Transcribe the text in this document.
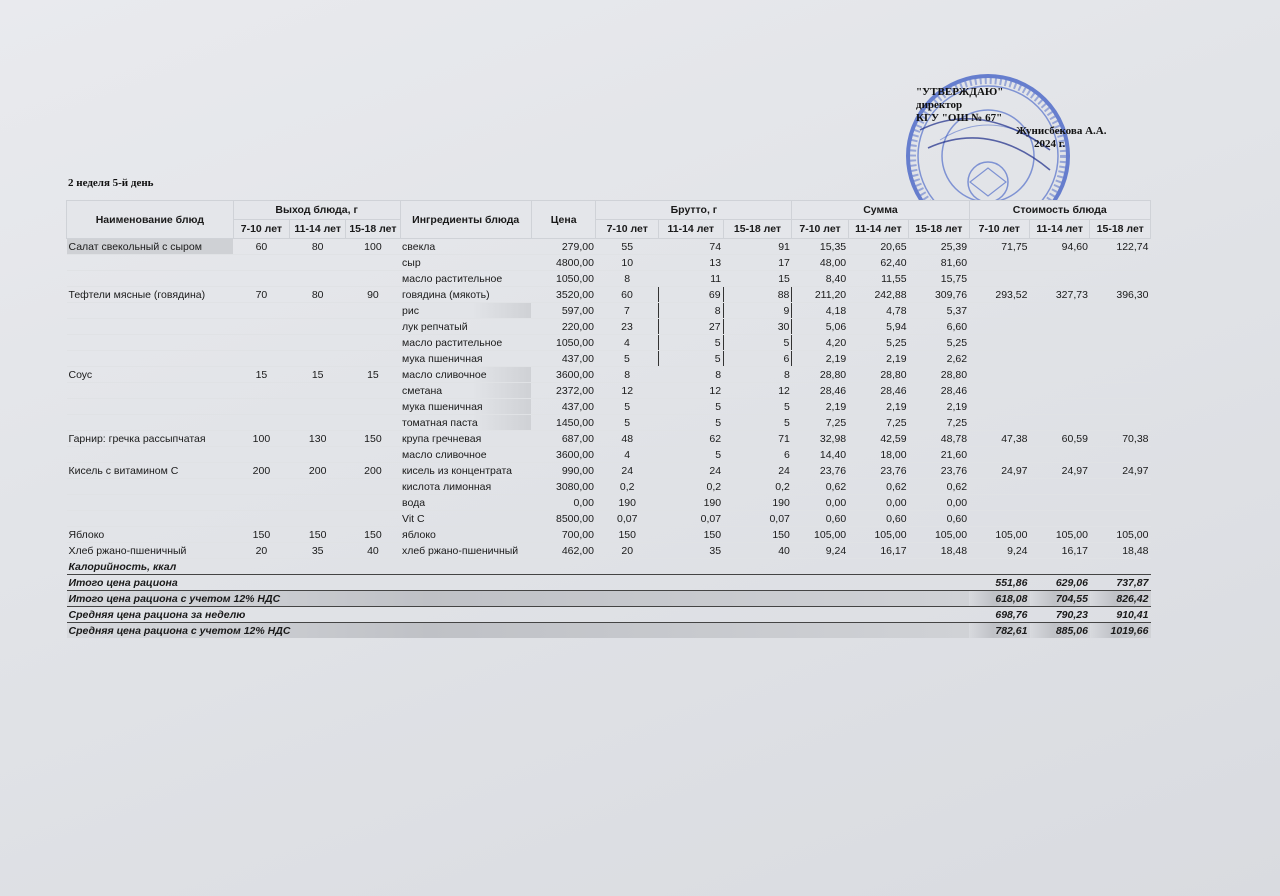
"УТВЕРЖДАЮ"
директор
КГУ "ОШ № 67"
Жунисбекова А.А.
2024 г.
2 неделя 5-й день
Наименование блюд	Выход блюда, г			Ингредиенты блюда	Цена	Брутто, г			Сумма			Стоимость блюда		
	7-10 лет	11-14 лет	15-18 лет			7-10 лет	11-14 лет	15-18 лет	7-10 лет	11-14 лет	15-18 лет	7-10 лет	11-14 лет	15-18 лет
Салат свекольный с сыром	60	80	100	свекла	279,00	55	74	91	15,35	20,65	25,39	71,75	94,60	122,74
				сыр	4800,00	10	13	17	48,00	62,40	81,60			
				масло растительное	1050,00	8	11	15	8,40	11,55	15,75			
Тефтели мясные (говядина)	70	80	90	говядина (мякоть)	3520,00	60	69	88	211,20	242,88	309,76	293,52	327,73	396,30
				рис	597,00	7	8	9	4,18	4,78	5,37			
				лук репчатый	220,00	23	27	30	5,06	5,94	6,60			
				масло растительное	1050,00	4	5	5	4,20	5,25	5,25			
				мука пшеничная	437,00	5	5	6	2,19	2,19	2,62			
Соус	15	15	15	масло сливочное	3600,00	8	8	8	28,80	28,80	28,80			
				сметана	2372,00	12	12	12	28,46	28,46	28,46			
				мука пшеничная	437,00	5	5	5	2,19	2,19	2,19			
				томатная паста	1450,00	5	5	5	7,25	7,25	7,25			
Гарнир: гречка рассыпчатая	100	130	150	крупа гречневая	687,00	48	62	71	32,98	42,59	48,78	47,38	60,59	70,38
				масло сливочное	3600,00	4	5	6	14,40	18,00	21,60			
Кисель с витамином С	200	200	200	кисель из концентрата	990,00	24	24	24	23,76	23,76	23,76	24,97	24,97	24,97
				кислота лимонная	3080,00	0,2	0,2	0,2	0,62	0,62	0,62			
				вода	0,00	190	190	190	0,00	0,00	0,00			
				Vit C	8500,00	0,07	0,07	0,07	0,60	0,60	0,60			
Яблоко	150	150	150	яблоко	700,00	150	150	150	105,00	105,00	105,00	105,00	105,00	105,00
Хлеб ржано-пшеничный	20	35	40	хлеб ржано-пшеничный	462,00	20	35	40	9,24	16,17	18,48	9,24	16,17	18,48
Калорийность, ккал														
Итого цена рациона												551,86	629,06	737,87
Итого цена рациона с учетом 12% НДС												618,08	704,55	826,42
Средняя цена рациона за неделю												698,76	790,23	910,41
Средняя цена рациона с учетом 12% НДС												782,61	885,06	1019,66
